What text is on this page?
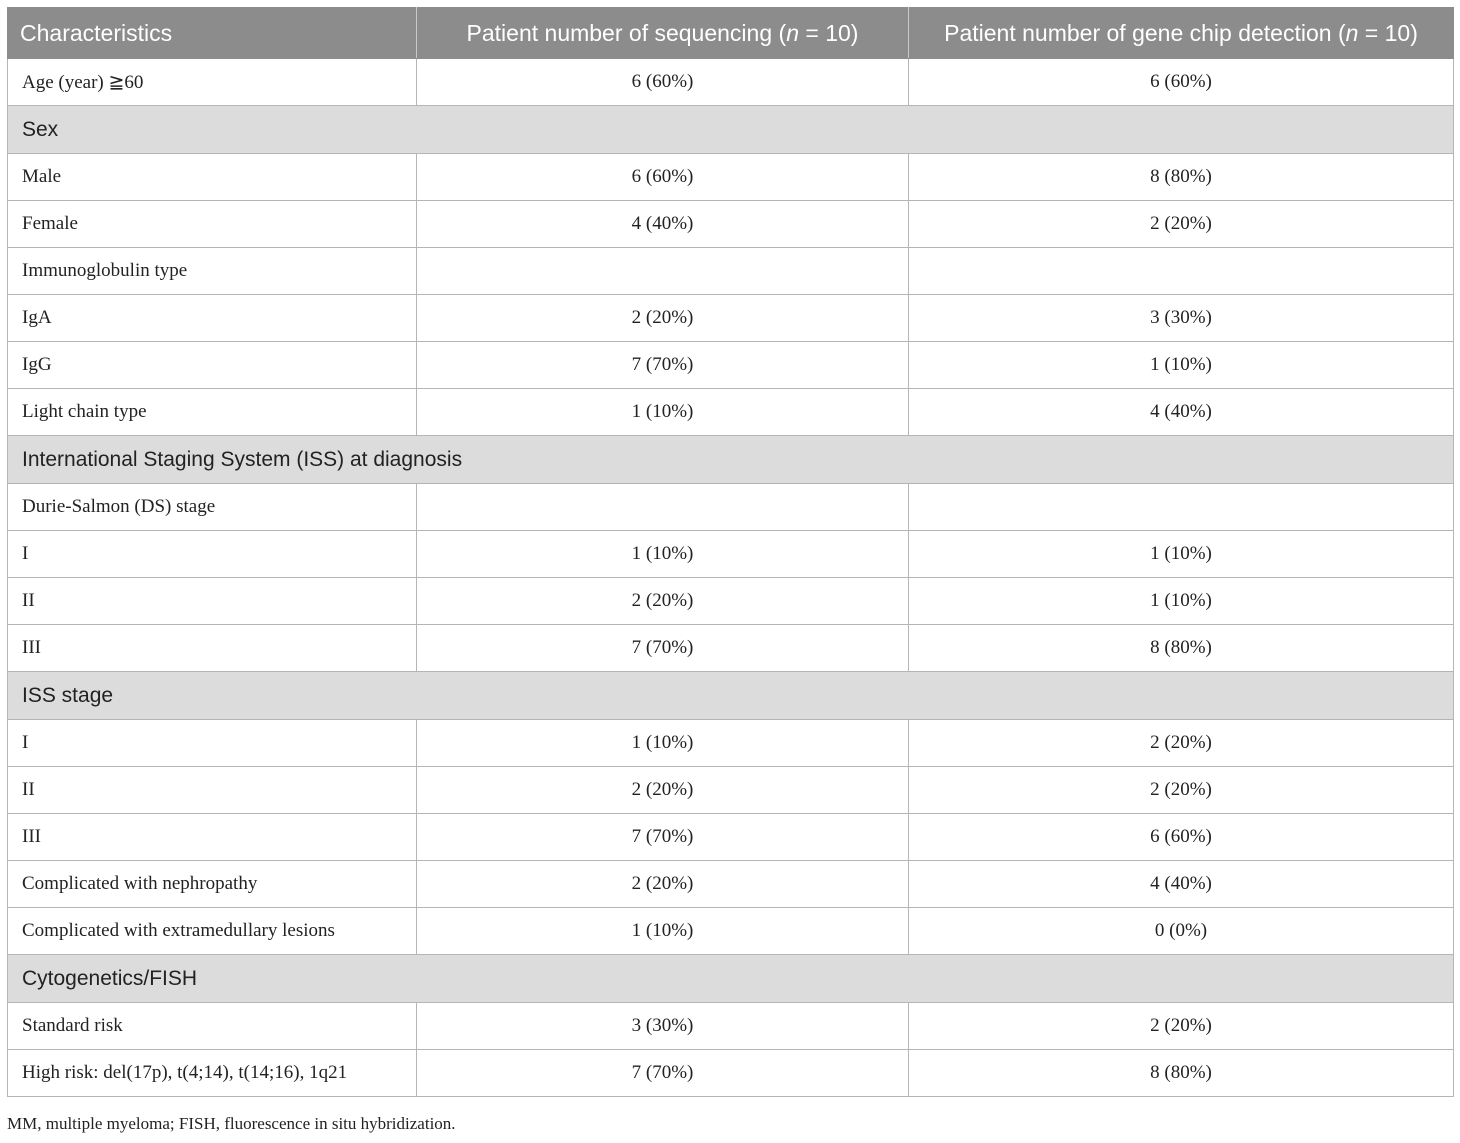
Characteristics	Patient number of sequencing (n = 10)	Patient number of gene chip detection (n = 10)
Age (year) ≧60	6 (60%)	6 (60%)
Sex		
Male	6 (60%)	8 (80%)
Female	4 (40%)	2 (20%)
Immunoglobulin type		
IgA	2 (20%)	3 (30%)
IgG	7 (70%)	1 (10%)
Light chain type	1 (10%)	4 (40%)
International Staging System (ISS) at diagnosis		
Durie-Salmon (DS) stage		
I	1 (10%)	1 (10%)
II	2 (20%)	1 (10%)
III	7 (70%)	8 (80%)
ISS stage		
I	1 (10%)	2 (20%)
II	2 (20%)	2 (20%)
III	7 (70%)	6 (60%)
Complicated with nephropathy	2 (20%)	4 (40%)
Complicated with extramedullary lesions	1 (10%)	0 (0%)
Cytogenetics/FISH		
Standard risk	3 (30%)	2 (20%)
High risk: del(17p), t(4;14), t(14;16), 1q21	7 (70%)	8 (80%)
MM, multiple myeloma; FISH, fluorescence in situ hybridization.
